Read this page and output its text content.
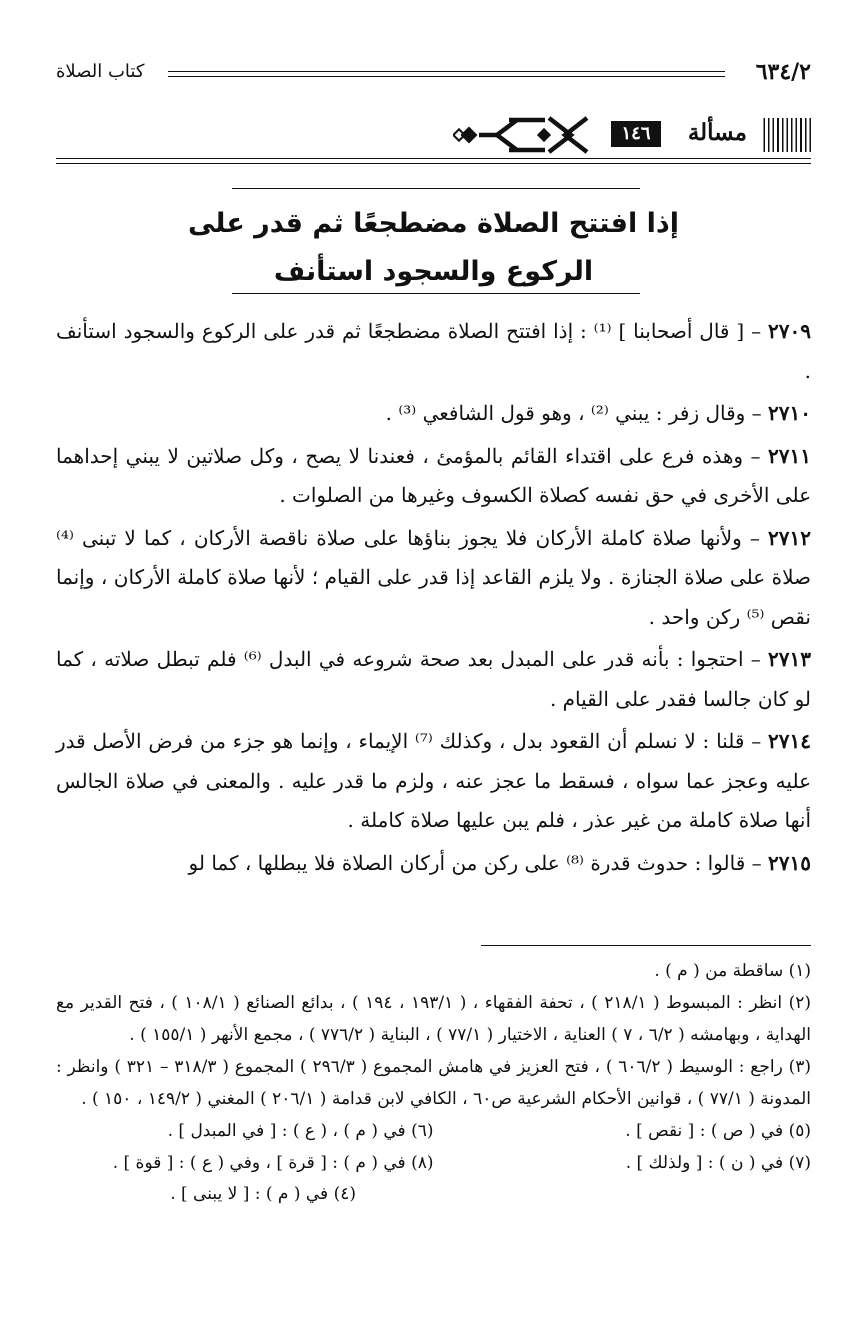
٦٣٤/٢
كتاب الصلاة
مسألة
١٤٦
إذا افتتح الصلاة مضطجعًا ثم قدر على
الركوع والسجود استأنف

٢٧٠٩ – [ قال أصحابنا ] ⁽¹⁾ : إذا افتتح الصلاة مضطجعًا ثم قدر على الركوع والسجود استأنف .

٢٧١٠ – وقال زفر : يبني ⁽²⁾ ، وهو قول الشافعي ⁽³⁾ .

٢٧١١ – وهذه فرع على اقتداء القائم بالمؤمئ ، فعندنا لا يصح ، وكل صلاتين لا يبني إحداهما على الأخرى في حق نفسه كصلاة الكسوف وغيرها من الصلوات .

٢٧١٢ – ولأنها صلاة كاملة الأركان فلا يجوز بناؤها على صلاة ناقصة الأركان ، كما لا تبنى ⁽⁴⁾ صلاة على صلاة الجنازة . ولا يلزم القاعد إذا قدر على القيام ؛ لأنها صلاة كاملة الأركان ، وإنما نقص ⁽⁵⁾ ركن واحد .

٢٧١٣ – احتجوا : بأنه قدر على المبدل بعد صحة شروعه في البدل ⁽⁶⁾ فلم تبطل صلاته ، كما لو كان جالسا فقدر على القيام .

٢٧١٤ – قلنا : لا نسلم أن القعود بدل ، وكذلك ⁽⁷⁾ الإيماء ، وإنما هو جزء من فرض الأصل قدر عليه وعجز عما سواه ، فسقط ما عجز عنه ، ولزم ما قدر عليه . والمعنى في صلاة الجالس أنها صلاة كاملة من غير عذر ، فلم يبن عليها صلاة كاملة .

٢٧١٥ – قالوا : حدوث قدرة ⁽⁸⁾ على ركن من أركان الصلاة فلا يبطلها ، كما لو

(١) ساقطة من ( م ) .

(٢) انظر : المبسوط ( ٢١٨/١ ) ، تحفة الفقهاء ، ( ١٩٣/١ ، ١٩٤ ) ، بدائع الصنائع ( ١٠٨/١ ) ، فتح القدير مع الهداية ، وبهامشه ( ٦/٢ ، ٧ ) العناية ، الاختيار ( ٧٧/١ ) ، البناية ( ٧٧٦/٢ ) ، مجمع الأنهر ( ١٥٥/١ ) .

(٣) راجع : الوسيط ( ٦٠٦/٢ ) ، فتح العزيز في هامش المجموع ( ٢٩٦/٣ ) المجموع ( ٣١٨/٣ – ٣٢١ ) وانظر : المدونة ( ٧٧/١ ) ، قوانين الأحكام الشرعية ص٦٠ ، الكافي لابن قدامة ( ٢٠٦/١ ) المغني ( ١٤٩/٢ ، ١٥٠ ) .

(٥) في ( ص ) : [ نقص ] .

(٦) في ( م ) ، ( ع ) : [ في المبدل ] .

(٧) في ( ن ) : [ ولذلك ] .

(٨) في ( م ) : [ قرة ] ، وفي ( ع ) : [ قوة ] .

(٤) في ( م ) : [ لا يبنى ] .
